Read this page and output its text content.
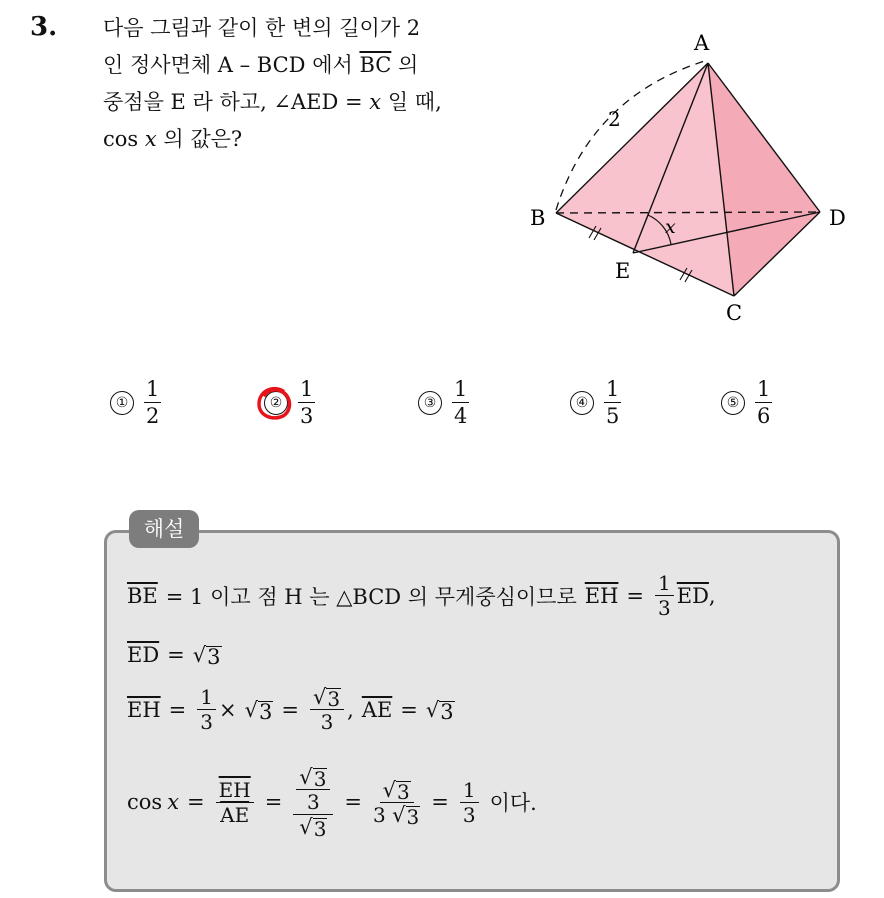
3. 다음 그림과 같이 한 변의 길이가 2
인 정사면체 A – BCD 에서 $\overline{BC}$ 의
중점을 E 라 하고, ∠AED = x 일 때,
cos x 의 값은?
A
B
C
D
E
2
x
① $\frac{1}{2}$	② $\frac{1}{3}$	③ $\frac{1}{4}$	④ $\frac{1}{5}$	⑤ $\frac{1}{6}$
해설
$\overline{BE} = 1$ 이고 점 H 는 △BCD 의 무게중심이므로 $\overline{EH} = \frac{1}{3} \overline{ED}$ ,
$\overline{ED}$ = √ 3
$\overline{EH} = \frac{1}{3}$ × √ 3 =
√ 3
3
, $\overline{AE}$ = √ 3
cos x =
$\overline{EH}$
$\overline{AE}$
= $\frac{√ 3}{3}$
√ 3
=
√ 3
3 √ 3
= $\frac{1}{3}$ 이다.
